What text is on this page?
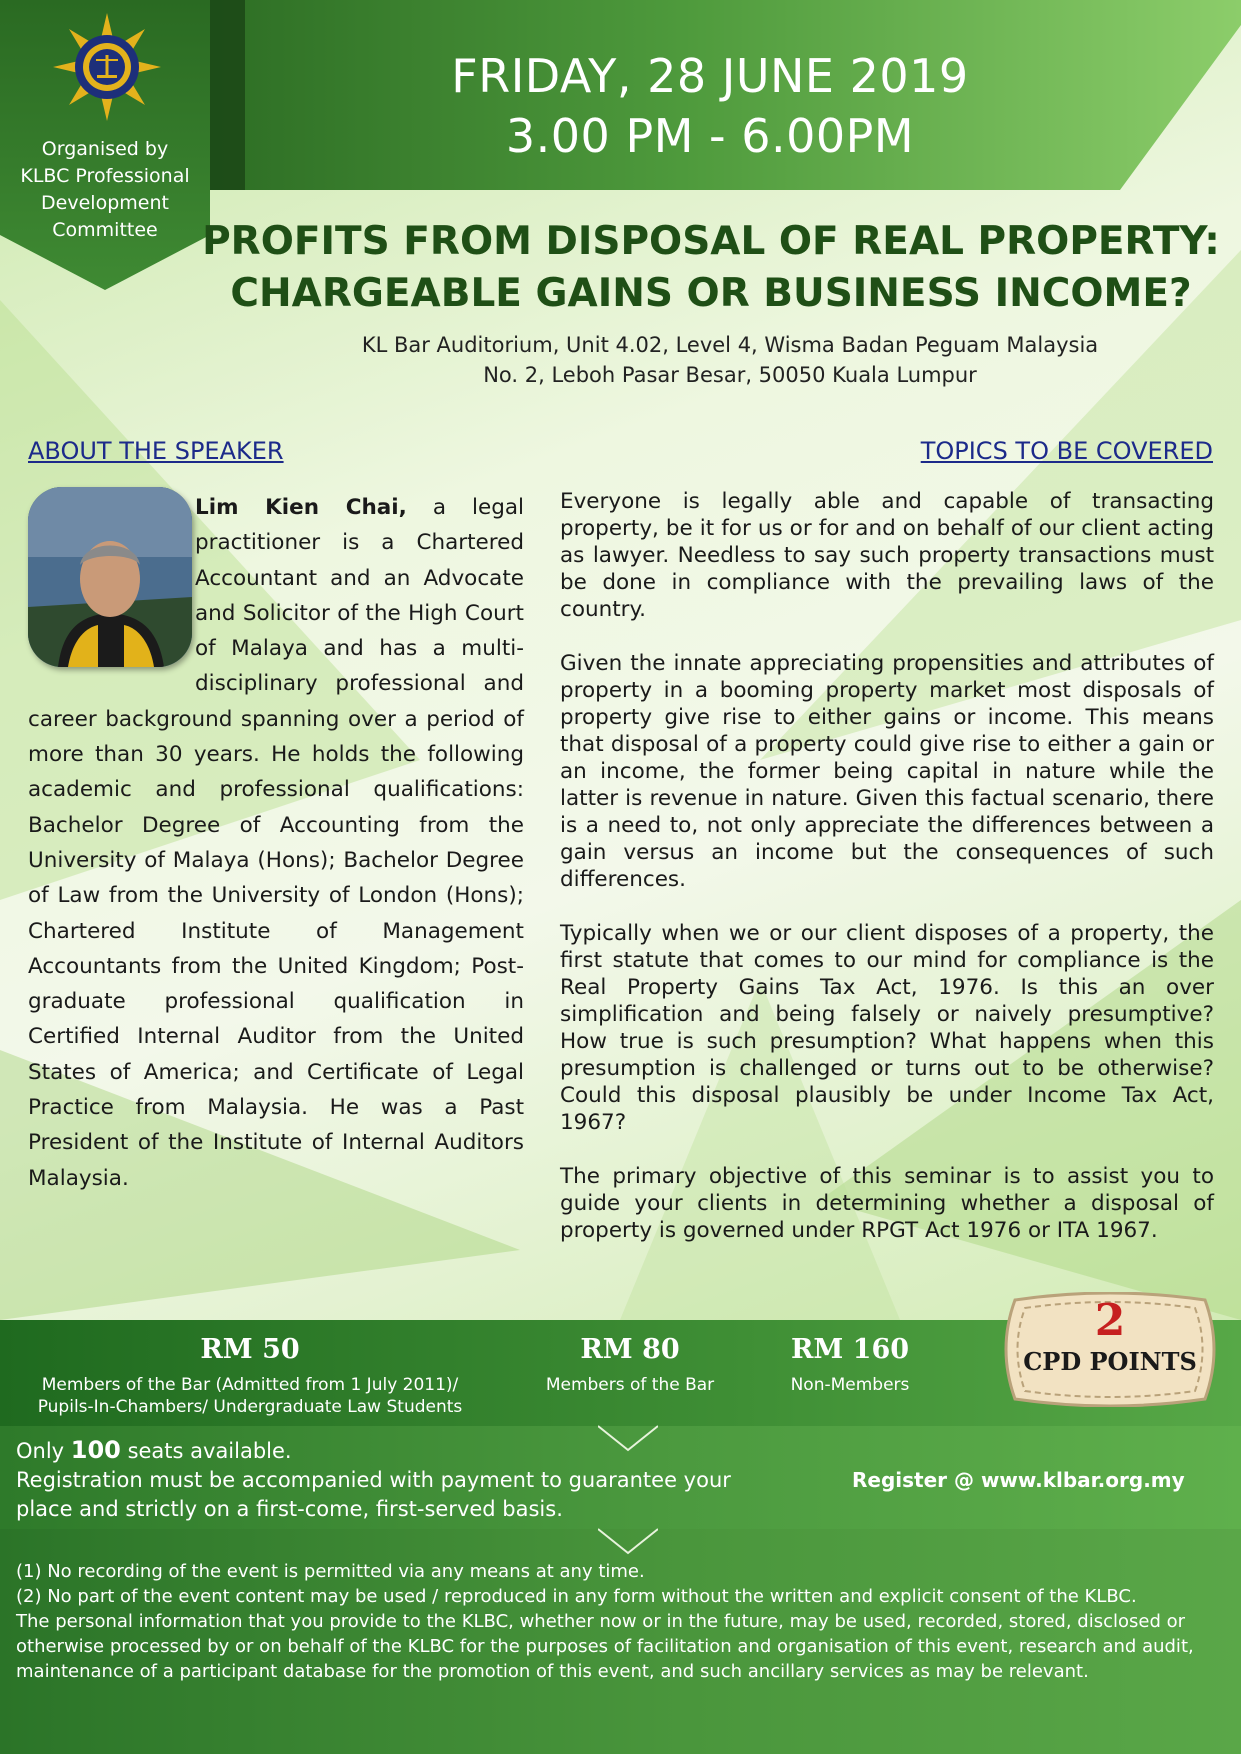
FRIDAY, 28 JUNE 2019
3.00 PM - 6.00PM
Organised by
KLBC Professional
Development
Committee	PROFITS FROM DISPOSAL OF REAL PROPERTY:
CHARGEABLE GAINS OR BUSINESS INCOME?
KL Bar Auditorium, Unit 4.02, Level 4, Wisma Badan Peguam Malaysia
No. 2, Leboh Pasar Besar, 50050 Kuala Lumpur
ABOUT THE SPEAKER	TOPICS TO BE COVERED
Lim Kien Chai, a legal practitioner is a Chartered Accountant and an Advocate and Solicitor of the High Court of Malaya and has a multi-disciplinary professional and career background spanning over a period of more than 30 years. He holds the following academic and professional qualifications: Bachelor Degree of Accounting from the University of Malaya (Hons); Bachelor Degree of Law from the University of London (Hons); Chartered Institute of Management Accountants from the United Kingdom; Post-graduate professional qualification in Certified Internal Auditor from the United States of America; and Certificate of Legal Practice from Malaysia. He was a Past President of the Institute of Internal Auditors Malaysia.

Everyone is legally able and capable of transacting property, be it for us or for and on behalf of our client acting as lawyer. Needless to say such property transactions must be done in compliance with the prevailing laws of the country.

Given the innate appreciating propensities and attributes of property in a booming property market most disposals of property give rise to either gains or income. This means that disposal of a property could give rise to either a gain or an income, the former being capital in nature while the latter is revenue in nature. Given this factual scenario, there is a need to, not only appreciate the differences between a gain versus an income but the consequences of such differences.

Typically when we or our client disposes of a property, the first statute that comes to our mind for compliance is the Real Property Gains Tax Act, 1976. Is this an over simplification and being falsely or naively presumptive? How true is such presumption? What happens when this presumption is challenged or turns out to be otherwise? Could this disposal plausibly be under Income Tax Act, 1967?

The primary objective of this seminar is to assist you to guide your clients in determining whether a disposal of property is governed under RPGT Act 1976 or ITA 1967.

RM 50
Members of the Bar (Admitted from 1 July 2011)/
Pupils-In-Chambers/ Undergraduate Law Students
RM 80
Members of the Bar
RM 160
Non-Members
2
CPD POINTS
Only 100 seats available.
Registration must be accompanied with payment to guarantee your
place and strictly on a first-come, first-served basis.
Register @ www.klbar.org.my
(1) No recording of the event is permitted via any means at any time.
(2) No part of the event content may be used / reproduced in any form without the written and explicit consent of the KLBC.
The personal information that you provide to the KLBC, whether now or in the future, may be used, recorded, stored, disclosed or otherwise processed by or on behalf of the KLBC for the purposes of facilitation and organisation of this event, research and audit, maintenance of a participant database for the promotion of this event, and such ancillary services as may be relevant.
